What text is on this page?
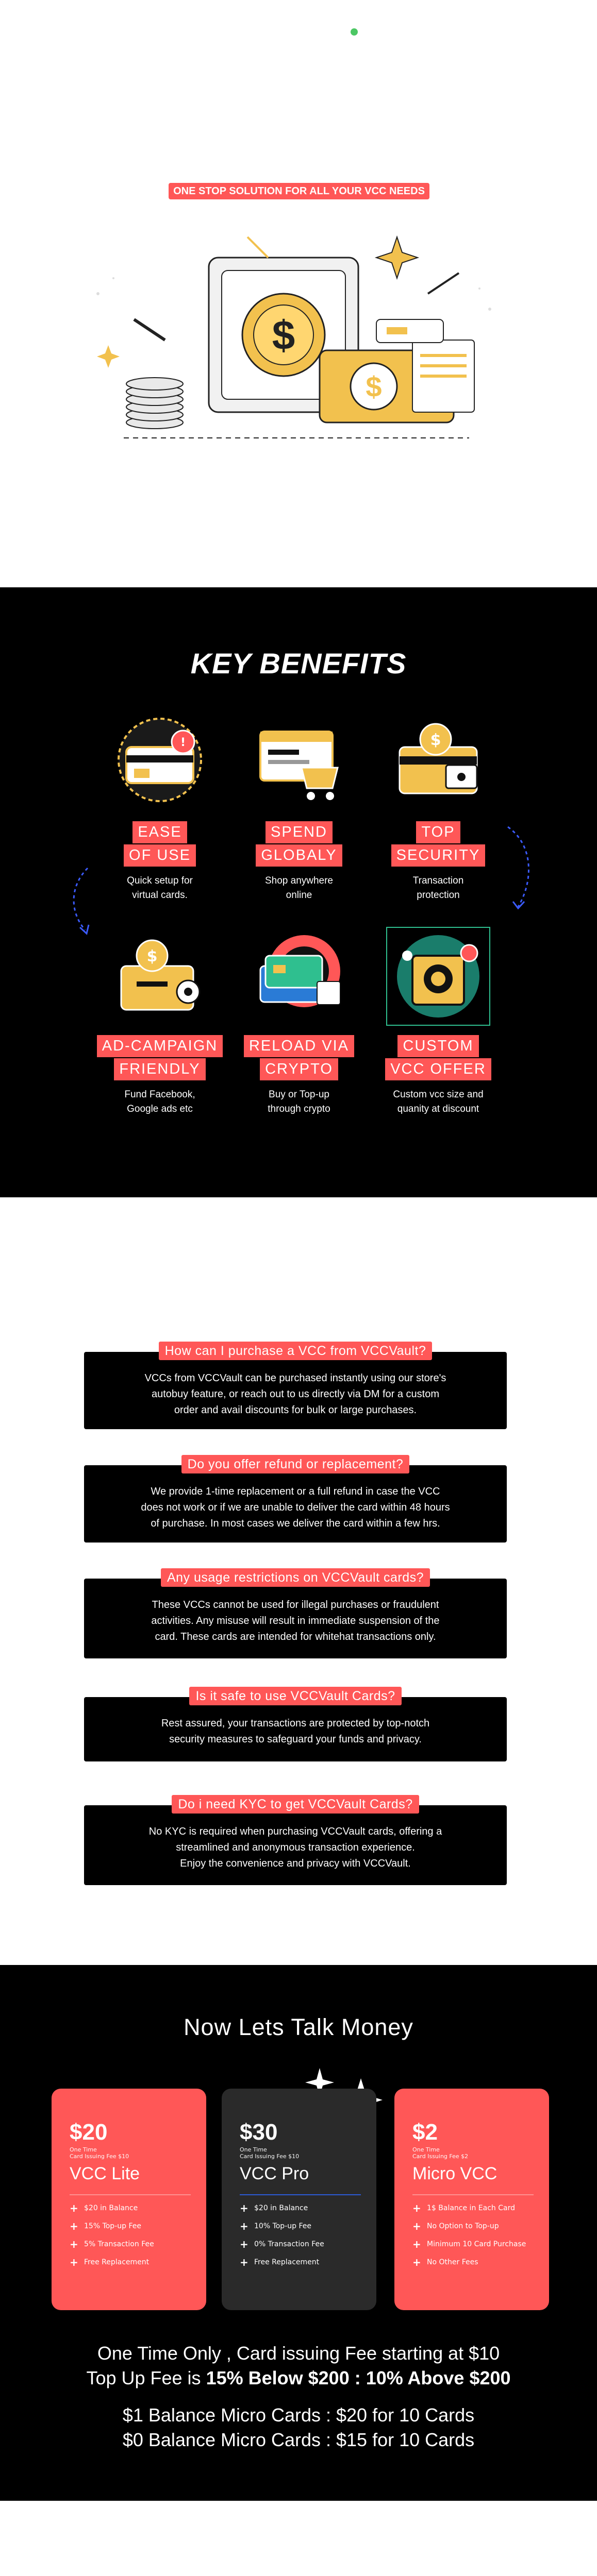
ONE STOP SOLUTION FOR ALL YOUR VCC NEEDS
$
$
KEY BENEFITS
!
EASE
OF USE
Quick setup for
virtual cards.
SPEND
GLOBALY
Shop anywhere
online
$
TOP
SECURITY
Transaction
protection
$
AD-CAMPAIGN
FRIENDLY
Fund Facebook,
Google ads etc
RELOAD VIA
CRYPTO
Buy or Top-up
through crypto
CUSTOM
VCC OFFER
Custom vcc size and
quanity at discount
How can I purchase a VCC from VCCVault?
VCCs from VCCVault can be purchased instantly using our store's
autobuy feature, or reach out to us directly via DM for a custom
order and avail discounts for bulk or large purchases.
Do you offer refund or replacement?
We provide 1-time replacement or a full refund in case the VCC
does not work or if we are unable to deliver the card within 48 hours
of purchase. In most cases we deliver the card within a few hrs.
Any usage restrictions on VCCVault cards?
These VCCs cannot be used for illegal purchases or fraudulent
activities. Any misuse will result in immediate suspension of the
card. These cards are intended for whitehat transactions only.
Is it safe to use VCCVault Cards?
Rest assured, your transactions are protected by top-notch
security measures to safeguard your funds and privacy.
Do i need KYC to get VCCVault Cards?
No KYC is required when purchasing VCCVault cards, offering a
streamlined and anonymous transaction experience.
Enjoy the convenience and privacy with VCCVault.
Now Lets Talk Money
$20
One Time
Card Issuing Fee $10
VCC Lite
+ $20 in Balance
+ 15% Top-up Fee
+ 5% Transaction Fee
+ Free Replacement
$30
One Time
Card Issuing Fee $10
VCC Pro
+ $20 in Balance
+ 10% Top-up Fee
+ 0% Transaction Fee
+ Free Replacement
$2
One Time
Card Issuing Fee $2
Micro VCC
+ 1$ Balance in Each Card
+ No Option to Top-up
+ Minimum 10 Card Purchase
+ No Other Fees
One Time Only , Card issuing Fee starting at $10
Top Up Fee is 15% Below $200 : 10% Above $200
$1 Balance Micro Cards : $20 for 10 Cards
$0 Balance Micro Cards : $15 for 10 Cards
